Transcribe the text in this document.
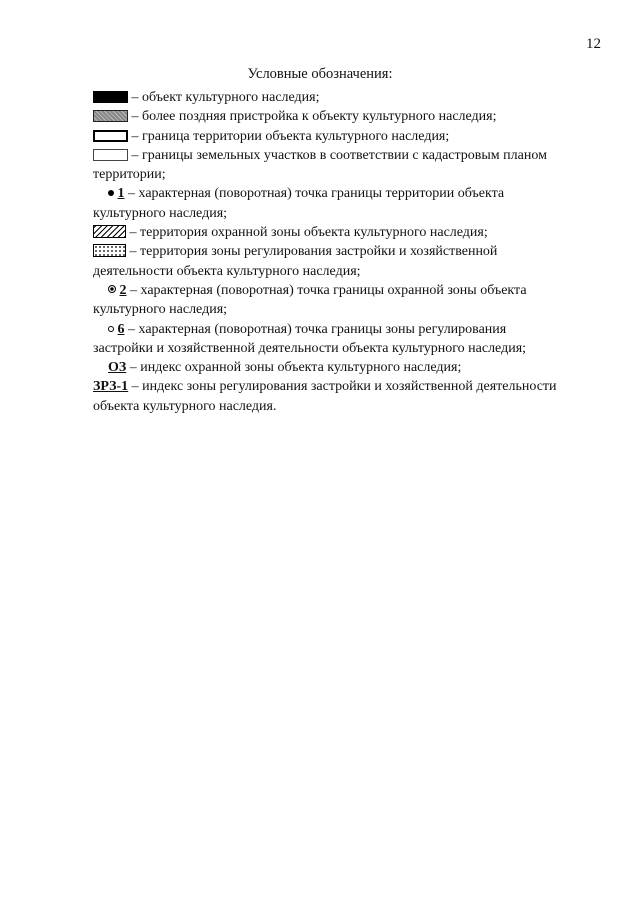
12
Условные обозначения:
– объект культурного наследия;
– более поздняя пристройка к объекту культурного наследия;
– граница территории объекта культурного наследия;
– границы земельных участков в соответствии с кадастровым планом
территории;
1 – характерная (поворотная) точка границы территории объекта
культурного наследия;
– территория охранной зоны объекта культурного наследия;
– территория зоны регулирования застройки и хозяйственной
деятельности объекта культурного наследия;
2 – характерная (поворотная) точка границы охранной зоны объекта
культурного наследия;
6 – характерная (поворотная) точка границы зоны регулирования
застройки и хозяйственной деятельности объекта культурного наследия;
ОЗ – индекс охранной зоны объекта культурного наследия;
ЗРЗ-1 – индекс зоны регулирования застройки и хозяйственной деятельности
объекта культурного наследия.
